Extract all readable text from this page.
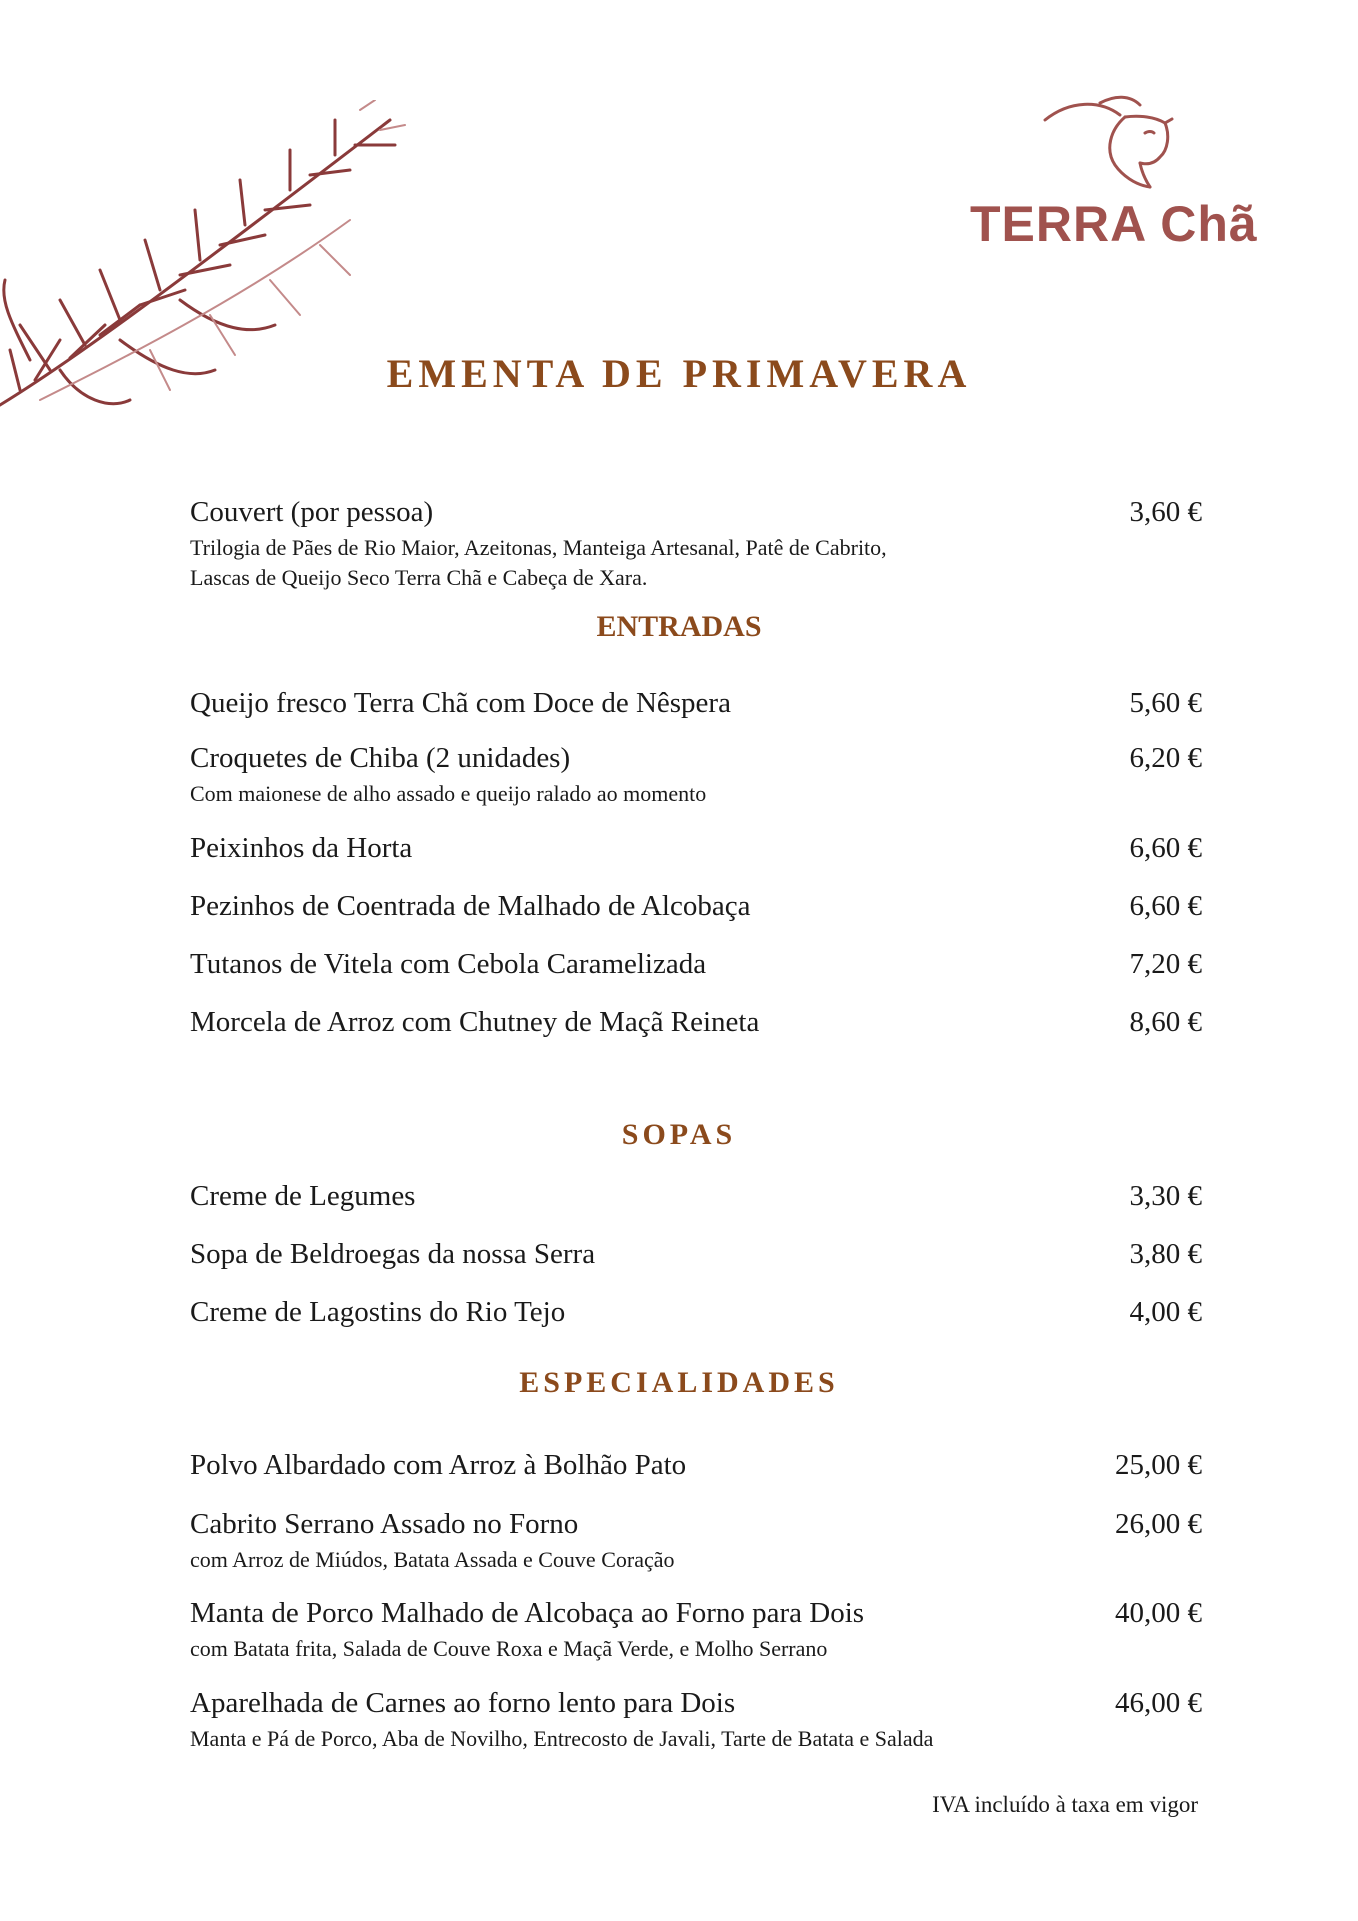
TERRA Chã
EMENTA DE PRIMAVERA
Couvert (por pessoa)	3,60 €
Trilogia de Pães de Rio Maior, Azeitonas, Manteiga Artesanal, Patê de Cabrito,
Lascas de Queijo Seco Terra Chã e Cabeça de Xara.
ENTRADAS
Queijo fresco Terra Chã com Doce de Nêspera	5,60 €
Croquetes de Chiba (2 unidades)	6,20 €
Com maionese de alho assado e queijo ralado ao momento
Peixinhos da Horta	6,60 €
Pezinhos de Coentrada de Malhado de Alcobaça	6,60 €
Tutanos de Vitela com Cebola Caramelizada	7,20 €
Morcela de Arroz com Chutney de Maçã Reineta	8,60 €
SOPAS
Creme de Legumes	3,30 €
Sopa de Beldroegas da nossa Serra	3,80 €
Creme de Lagostins do Rio Tejo	4,00 €
ESPECIALIDADES
Polvo Albardado com Arroz à Bolhão Pato	25,00 €
Cabrito Serrano Assado no Forno	26,00 €
com Arroz de Miúdos, Batata Assada e Couve Coração
Manta de Porco Malhado de Alcobaça ao Forno para Dois	40,00 €
com Batata frita, Salada de Couve Roxa e Maçã Verde, e Molho Serrano
Aparelhada de Carnes ao forno lento para Dois	46,00 €
Manta e Pá de Porco, Aba de Novilho, Entrecosto de Javali, Tarte de Batata e Salada
IVA incluído à taxa em vigor
